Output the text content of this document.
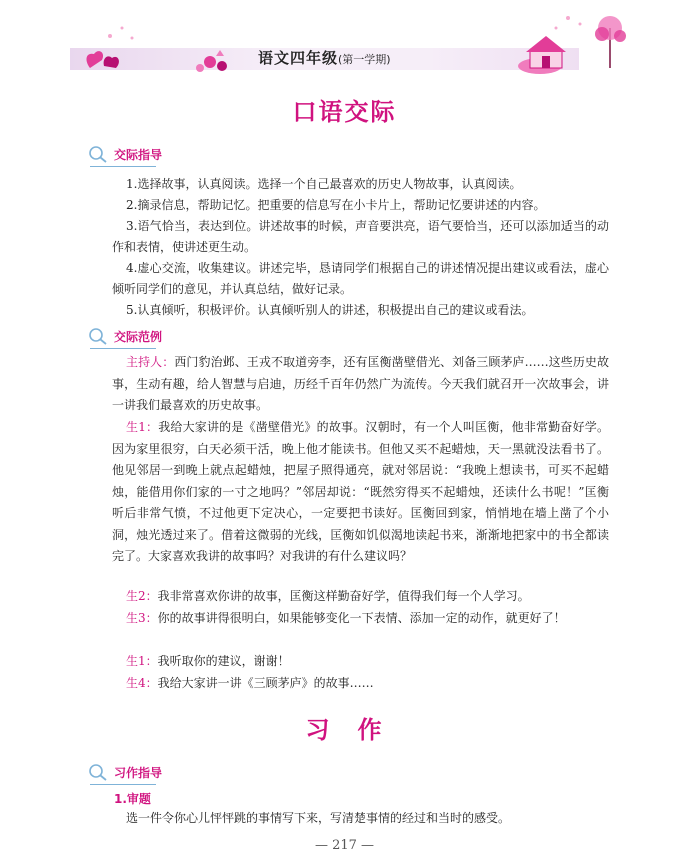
语文四年级(第一学期)
口语交际
交际指导

1.选择故事，认真阅读。选择一个自己最喜欢的历史人物故事，认真阅读。

2.摘录信息，帮助记忆。把重要的信息写在小卡片上，帮助记忆要讲述的内容。

3.语气恰当，表达到位。讲述故事的时候，声音要洪亮，语气要恰当，还可以添加适当的动作和表情，使讲述更生动。

4.虚心交流，收集建议。讲述完毕，恳请同学们根据自己的讲述情况提出建议或看法，虚心倾听同学们的意见，并认真总结，做好记录。

5.认真倾听，积极评价。认真倾听别人的讲述，积极提出自己的建议或看法。

交际范例

主持人：西门豹治邺、王戎不取道旁李，还有匡衡凿壁借光、刘备三顾茅庐……这些历史故事，生动有趣，给人智慧与启迪，历经千百年仍然广为流传。今天我们就召开一次故事会，讲一讲我们最喜欢的历史故事。

生1：我给大家讲的是《凿壁借光》的故事。汉朝时，有一个人叫匡衡，他非常勤奋好学。因为家里很穷，白天必须干活，晚上他才能读书。但他又买不起蜡烛，天一黑就没法看书了。他见邻居一到晚上就点起蜡烛，把屋子照得通亮，就对邻居说：“我晚上想读书，可买不起蜡烛，能借用你们家的一寸之地吗？”邻居却说：“既然穷得买不起蜡烛，还读什么书呢！”匡衡听后非常气愤，不过他更下定决心，一定要把书读好。匡衡回到家，悄悄地在墙上凿了个小洞，烛光透过来了。借着这微弱的光线，匡衡如饥似渴地读起书来，渐渐地把家中的书全都读完了。大家喜欢我讲的故事吗？对我讲的有什么建议吗？

生2：我非常喜欢你讲的故事，匡衡这样勤奋好学，值得我们每一个人学习。

生3：你的故事讲得很明白，如果能够变化一下表情、添加一定的动作，就更好了！

生1：我听取你的建议，谢谢！

生4：我给大家讲一讲《三顾茅庐》的故事……

习　作
习作指导
1.审题

选一件令你心儿怦怦跳的事情写下来，写清楚事情的经过和当时的感受。

— 217 —
